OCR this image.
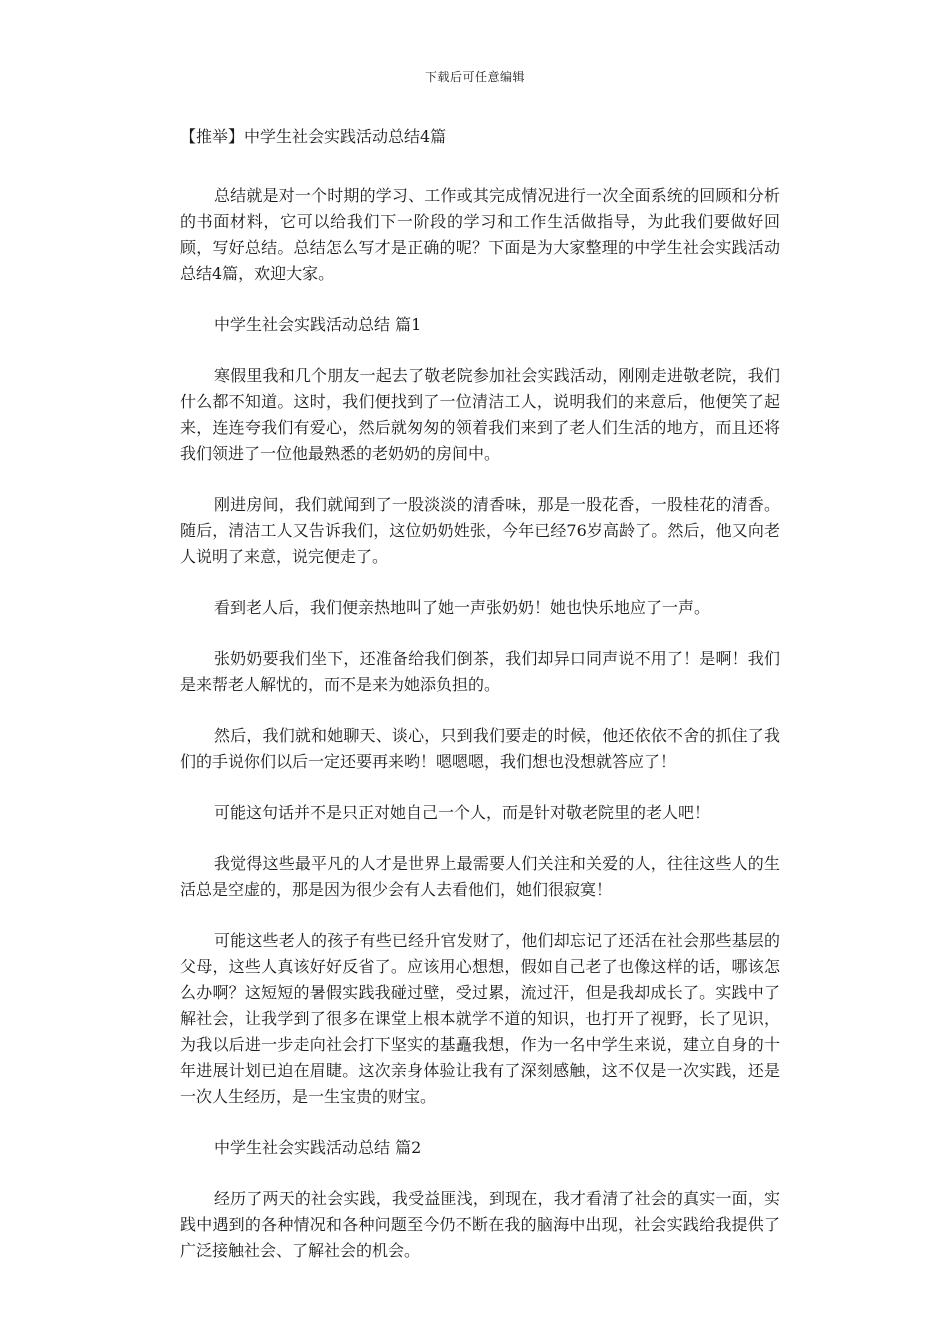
下载后可任意编辑

【推举】中学生社会实践活动总结4篇

总结就是对一个时期的学习、工作或其完成情况进行一次全面系统的回顾和分析的书面材料，它可以给我们下一阶段的学习和工作生活做指导，为此我们要做好回顾，写好总结。总结怎么写才是正确的呢？下面是为大家整理的中学生社会实践活动总结4篇，欢迎大家。

中学生社会实践活动总结 篇1

寒假里我和几个朋友一起去了敬老院参加社会实践活动，刚刚走进敬老院，我们什么都不知道。这时，我们便找到了一位清洁工人，说明我们的来意后，他便笑了起来，连连夸我们有爱心，然后就匆匆的领着我们来到了老人们生活的地方，而且还将我们领进了一位他最熟悉的老奶奶的房间中。

刚进房间，我们就闻到了一股淡淡的清香味，那是一股花香，一股桂花的清香。随后，清洁工人又告诉我们，这位奶奶姓张，今年已经76岁高龄了。然后，他又向老人说明了来意，说完便走了。

看到老人后，我们便亲热地叫了她一声张奶奶！她也快乐地应了一声。

张奶奶要我们坐下，还准备给我们倒茶，我们却异口同声说不用了！是啊！我们是来帮老人解忧的，而不是来为她添负担的。

然后，我们就和她聊天、谈心，只到我们要走的时候，他还依依不舍的抓住了我们的手说你们以后一定还要再来哟！嗯嗯嗯，我们想也没想就答应了！

可能这句话并不是只正对她自己一个人，而是针对敬老院里的老人吧！

我觉得这些最平凡的人才是世界上最需要人们关注和关爱的人，往往这些人的生活总是空虚的，那是因为很少会有人去看他们，她们很寂寞！

可能这些老人的孩子有些已经升官发财了，他们却忘记了还活在社会那些基层的父母，这些人真该好好反省了。应该用心想想，假如自己老了也像这样的话，哪该怎么办啊？这短短的暑假实践我碰过壁，受过累，流过汗，但是我却成长了。实践中了解社会，让我学到了很多在课堂上根本就学不道的知识，也打开了视野，长了见识，为我以后进一步走向社会打下坚实的基矗我想，作为一名中学生来说，建立自身的十年进展计划已迫在眉睫。这次亲身体验让我有了深刻感触，这不仅是一次实践，还是一次人生经历，是一生宝贵的财宝。

中学生社会实践活动总结 篇2

经历了两天的社会实践，我受益匪浅，到现在，我才看清了社会的真实一面，实践中遇到的各种情况和各种问题至今仍不断在我的脑海中出现，社会实践给我提供了广泛接触社会、了解社会的机会。
